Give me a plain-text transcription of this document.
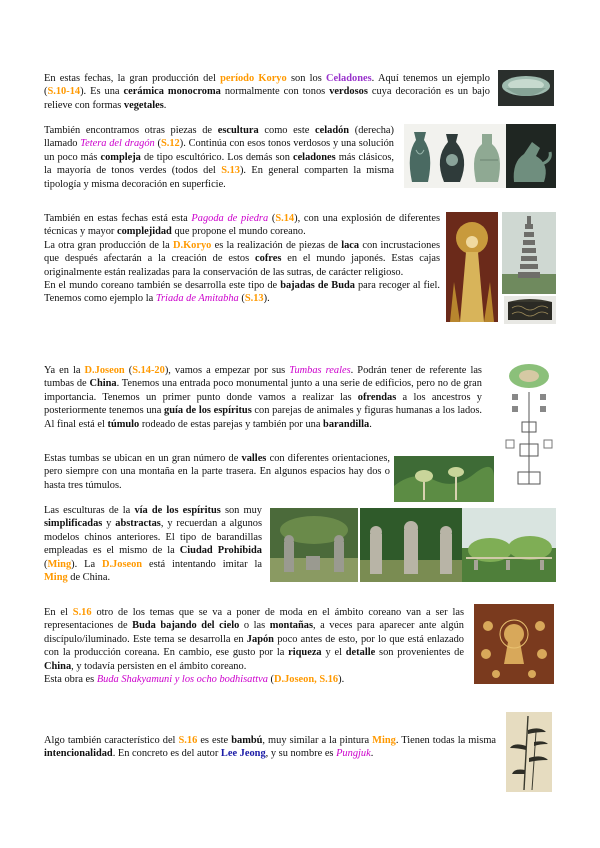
En estas fechas, la gran producción del período Koryo son los Celadones. Aquí tenemos un ejemplo (S.10-14). Es una cerámica monocroma normalmente con tonos verdosos cuya decoración es un bajo relieve con formas vegetales.

También encontramos otras piezas de escultura como este celadón (derecha) llamado Tetera del dragón (S.12). Continúa con esos tonos verdosos y una solución un poco más compleja de tipo escultórico. Los demás son celadones más clásicos, la mayoría de tonos verdes (todos del S.13). En general comparten la misma tipología y misma decoración en superficie.

También en estas fechas está esta Pagoda de piedra (S.14), con una explosión de diferentes técnicas y mayor complejidad que propone el mundo coreano.

La otra gran producción de la D.Koryo es la realización de piezas de laca con incrustaciones que después afectarán a la creación de estos cofres en el mundo japonés. Estas cajas originalmente están realizadas para la conservación de las sutras, de carácter religioso.

En el mundo coreano también se desarrolla este tipo de bajadas de Buda para recoger al fiel. Tenemos como ejemplo la Triada de Amitabha (S.13).

Ya en la D.Joseon (S.14-20), vamos a empezar por sus Tumbas reales. Podrán tener de referente las tumbas de China. Tenemos una entrada poco monumental junto a una serie de edificios, pero no de gran importancia. Tenemos un primer punto donde vamos a realizar las ofrendas a los ancestros y posteriormente tenemos una guía de los espíritus con parejas de animales y figuras humanas a los lados. Al final está el túmulo rodeado de estas parejas y también por una barandilla.

Estas tumbas se ubican en un gran número de valles con diferentes orientaciones, pero siempre con una montaña en la parte trasera. En algunos espacios hay dos o hasta tres túmulos.

Las esculturas de la vía de los espíritus son muy simplificadas y abstractas, y recuerdan a algunos modelos chinos anteriores. El tipo de barandillas empleadas es el mismo de la Ciudad Prohibida (Ming). La D.Joseon está intentando imitar la Ming de China.

En el S.16 otro de los temas que se va a poner de moda en el ámbito coreano van a ser las representaciones de Buda bajando del cielo o las montañas, a veces para aparecer ante algún discípulo/iluminado. Este tema se desarrolla en Japón poco antes de esto, por lo que está enlazado con la producción coreana. En cambio, ese gusto por la riqueza y el detalle son provenientes de China, y todavía persisten en el ámbito coreano.

Esta obra es Buda Shakyamuni y los ocho bodhisattva (D.Joseon, S.16).

Algo también característico del S.16 es este bambú, muy similar a la pintura Ming. Tienen todas la misma intencionalidad. En concreto es del autor Lee Jeong, y su nombre es Pungjuk.
